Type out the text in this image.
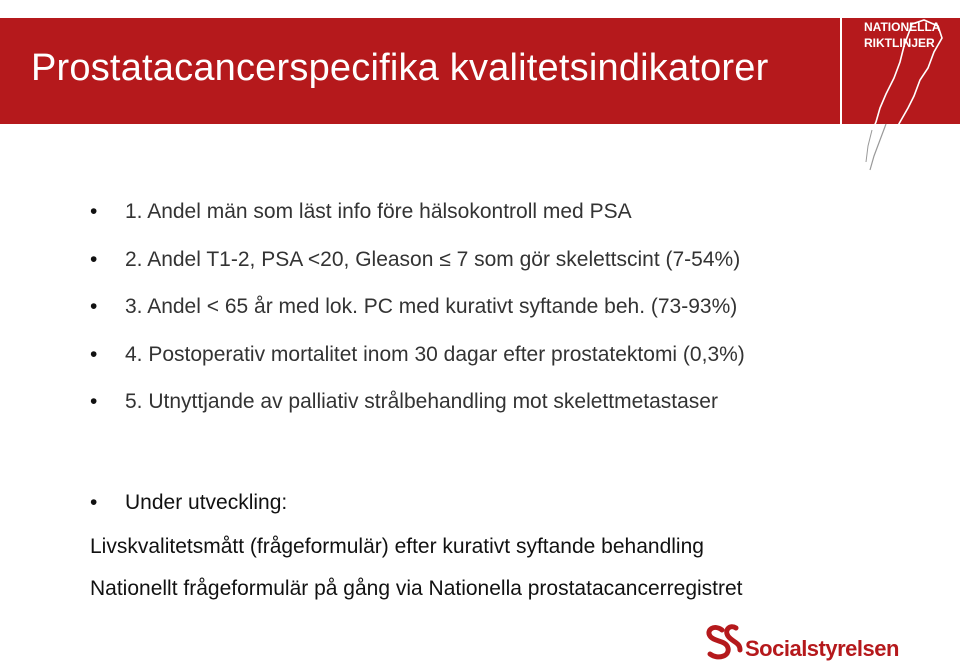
Prostatacancerspecifika kvalitetsindikatorer
NATIONELLA
RIKTLINJER
• 1. Andel män som läst info före hälsokontroll med PSA
• 2. Andel T1-2, PSA <20, Gleason ≤ 7 som gör skelettscint (7-54%)
• 3. Andel < 65 år med lok. PC med kurativt syftande beh. (73-93%)
• 4. Postoperativ mortalitet inom 30 dagar efter prostatektomi (0,3%)
• 5. Utnyttjande av palliativ strålbehandling mot skelettmetastaser
• Under utveckling:
Livskvalitetsmått (frågeformulär) efter kurativt syftande behandling
Nationellt frågeformulär på gång via Nationella prostatacancerregistret
Socialstyrelsen
